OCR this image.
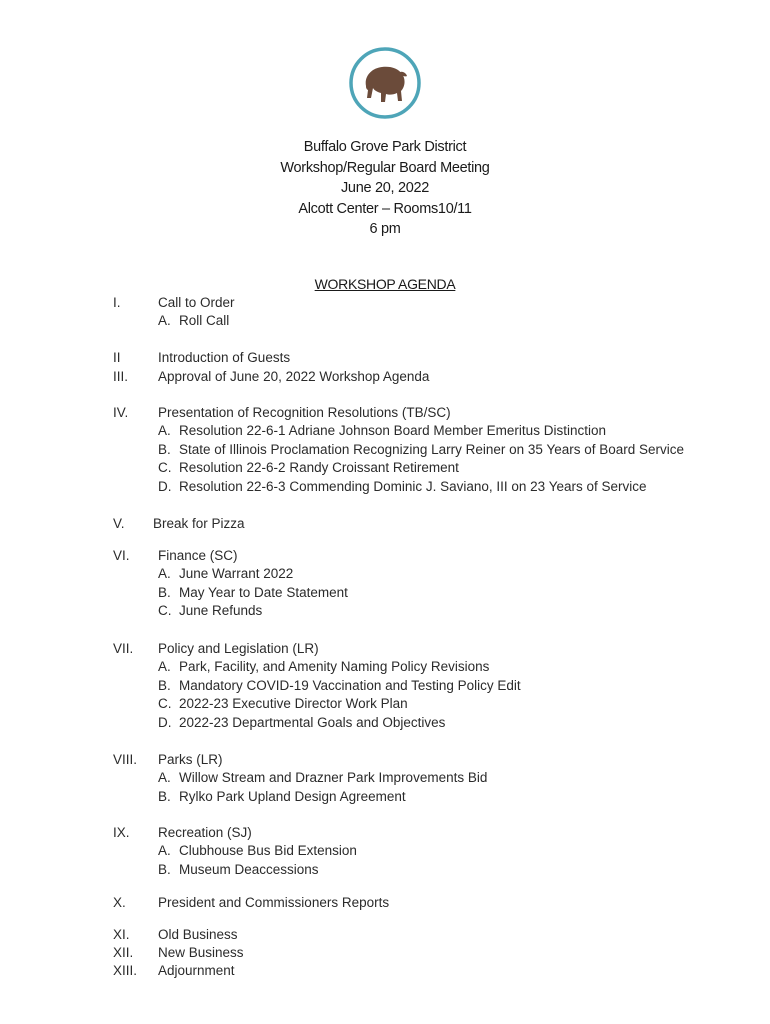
Buffalo Grove Park District
Workshop/Regular Board Meeting
June 20, 2022
Alcott Center – Rooms10/11
6 pm
WORKSHOP AGENDA
I.	Call to Order
A. Roll Call
II	Introduction of Guests
III. Approval of June 20, 2022 Workshop Agenda
IV. Presentation of Recognition Resolutions (TB/SC)
A. Resolution 22-6-1 Adriane Johnson Board Member Emeritus Distinction
B. State of Illinois Proclamation Recognizing Larry Reiner on 35 Years of Board Service
C. Resolution 22-6-2 Randy Croissant Retirement
D. Resolution 22-6-3 Commending Dominic J. Saviano, III on 23 Years of Service
V. Break for Pizza
VI. Finance (SC)
A. June Warrant 2022
B. May Year to Date Statement
C. June Refunds
VII. Policy and Legislation (LR)
A. Park, Facility, and Amenity Naming Policy Revisions
B. Mandatory COVID-19 Vaccination and Testing Policy Edit
C. 2022-23 Executive Director Work Plan
D. 2022-23 Departmental Goals and Objectives
VIII. Parks (LR)
A. Willow Stream and Drazner Park Improvements Bid
B. Rylko Park Upland Design Agreement
IX. Recreation (SJ)
A. Clubhouse Bus Bid Extension
B. Museum Deaccessions
X. President and Commissioners Reports
XI. Old Business
XII. New Business
XIII. Adjournment
